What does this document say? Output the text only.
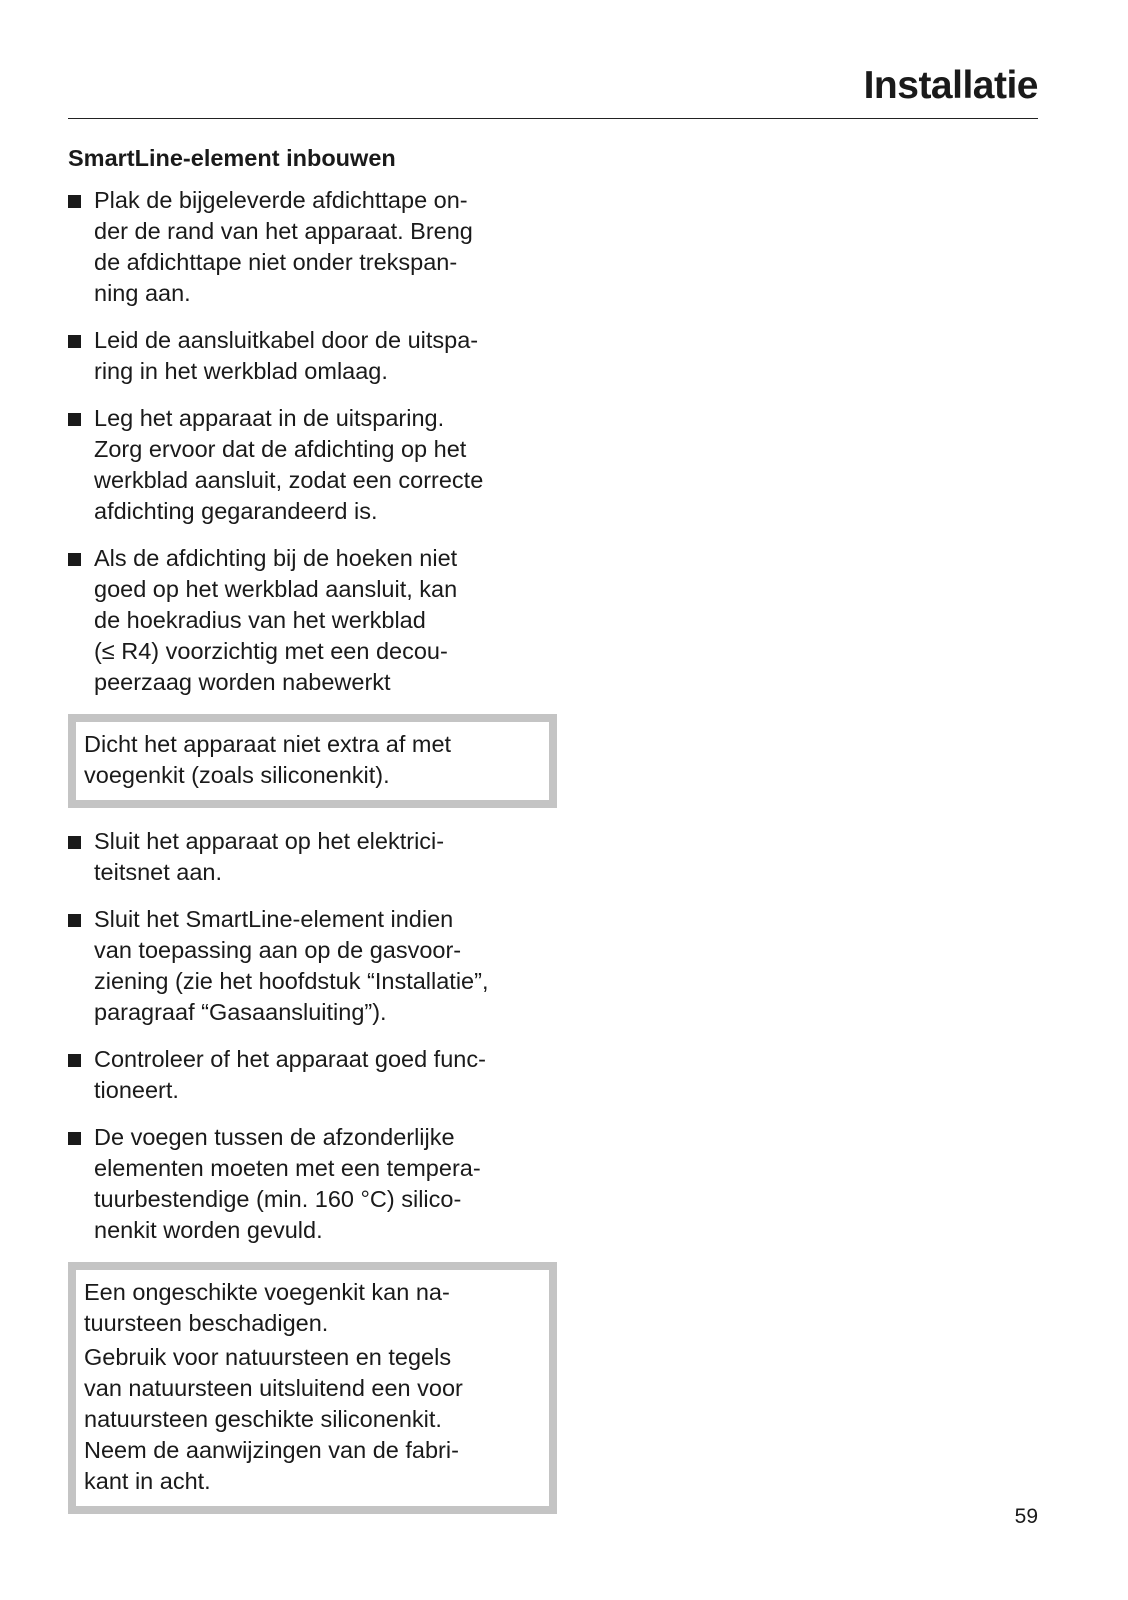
Installatie
SmartLine-element inbouwen
Plak de bijgeleverde afdichttape on-
der de rand van het apparaat. Breng
de afdichttape niet onder trekspan-
ning aan.
Leid de aansluitkabel door de uitspa-
ring in het werkblad omlaag.
Leg het apparaat in de uitsparing.
Zorg ervoor dat de afdichting op het
werkblad aansluit, zodat een correcte
afdichting gegarandeerd is.
Als de afdichting bij de hoeken niet
goed op het werkblad aansluit, kan
de hoekradius van het werkblad
(≤ R4) voorzichtig met een decou-
peerzaag worden nabewerkt

Dicht het apparaat niet extra af met
voegenkit (zoals siliconenkit).

Sluit het apparaat op het elektrici-
teitsnet aan.
Sluit het SmartLine-element indien
van toepassing aan op de gasvoor-
ziening (zie het hoofdstuk “Installatie”,
paragraaf “Gasaansluiting”).
Controleer of het apparaat goed func-
tioneert.
De voegen tussen de afzonderlijke
elementen moeten met een tempera-
tuurbestendige (min. 160 °C) silico-
nenkit worden gevuld.

Een ongeschikte voegenkit kan na-
tuursteen beschadigen.

Gebruik voor natuursteen en tegels
van natuursteen uitsluitend een voor
natuursteen geschikte siliconenkit.
Neem de aanwijzingen van de fabri-
kant in acht.

59
